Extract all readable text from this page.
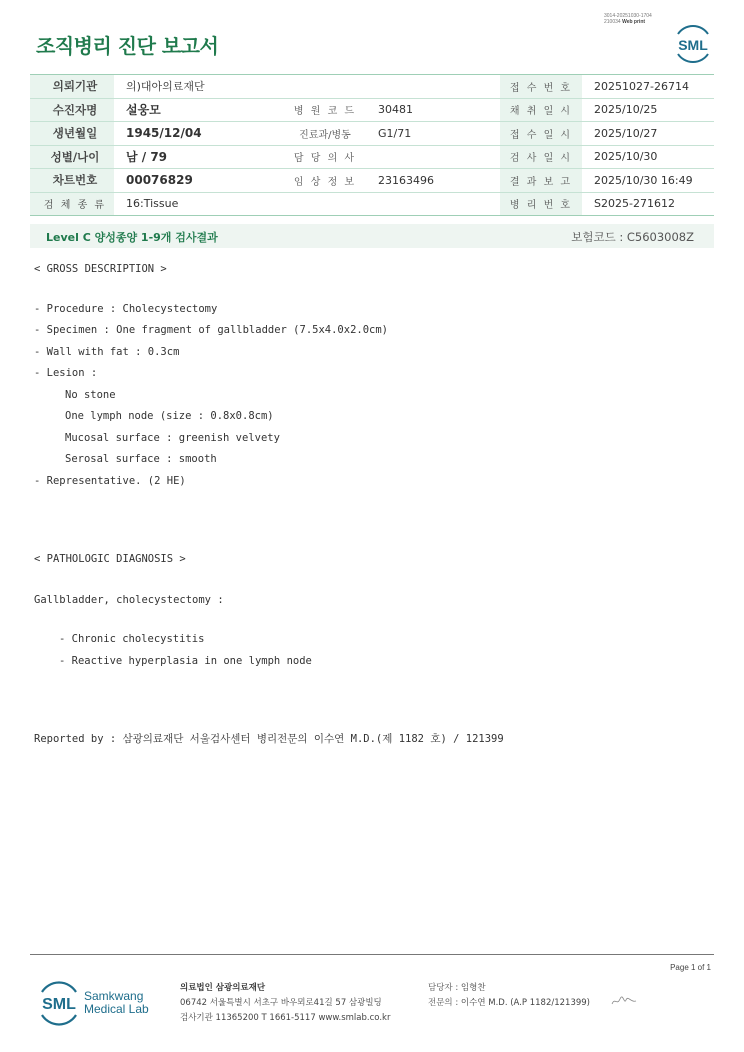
3014-20251030-1704
210034 Web print
조직병리 진단 보고서	SML
의뢰기관	의)대아의료재단			접 수 번 호	20251027-26714
수진자명	설웅모	병 원 코 드	30481	채 취 일 시	2025/10/25
생년월일	1945/12/04	진료과/병동	G1/71	접 수 일 시	2025/10/27
성별/나이	남 / 79	담 당 의 사		검 사 일 시	2025/10/30
차트번호	00076829	임 상 정 보	23163496	결 과 보 고	2025/10/30 16:49
검 체 종 류	16:Tissue			병 리 번 호	S2025-271612
Level C 양성종양 1-9개 검사결과	보험코드 : C5603008Z
< GROSS DESCRIPTION >
- Procedure : Cholecystectomy
- Specimen : One fragment of gallbladder (7.5x4.0x2.0cm)
- Wall with fat : 0.3cm
- Lesion :
No stone
One lymph node (size : 0.8x0.8cm)
Mucosal surface : greenish velvety
Serosal surface : smooth
- Representative. (2 HE)
< PATHOLOGIC DIAGNOSIS >
Gallbladder, cholecystectomy :
- Chronic cholecystitis
- Reactive hyperplasia in one lymph node
Reported by : 삼광의료재단 서울검사센터 병리전문의 이수연 M.D.(제 1182 호) / 121399
Page 1 of 1
SML Samkwang
Medical Lab
의료법인 삼광의료재단
06742 서울특별시 서초구 바우뫼로41길 57 삼광빌딩
검사기관 11365200 T 1661-5117 www.smlab.co.kr
담당자 : 임형찬
전문의 : 이수연 M.D. (A.P 1182/121399)
